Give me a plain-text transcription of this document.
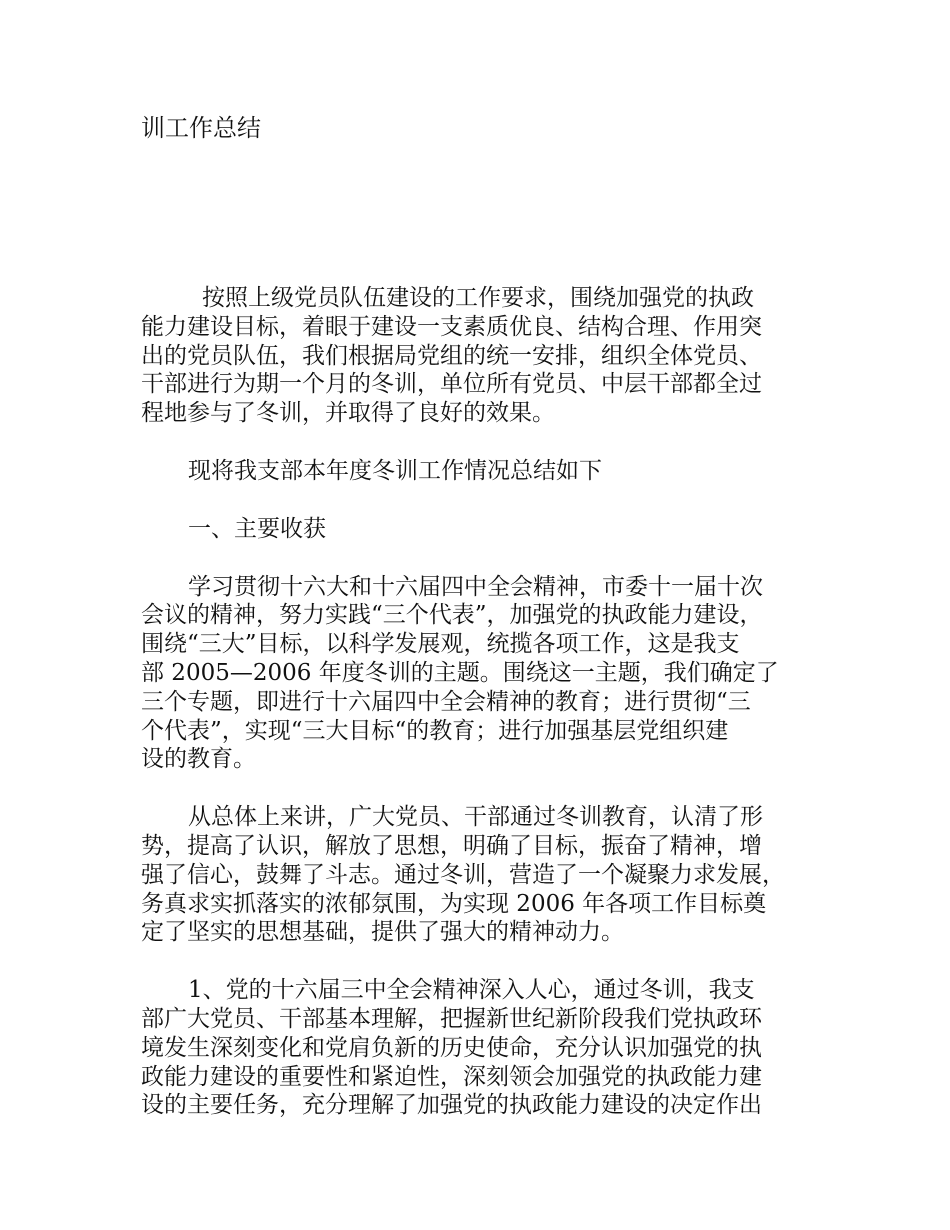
训工作总结

按照上级党员队伍建设的工作要求，围绕加强党的执政
能力建设目标，着眼于建设一支素质优良、结构合理、作用突
出的党员队伍，我们根据局党组的统一安排，组织全体党员、
干部进行为期一个月的冬训，单位所有党员、中层干部都全过
程地参与了冬训，并取得了良好的效果。

现将我支部本年度冬训工作情况总结如下

一、主要收获

学习贯彻十六大和十六届四中全会精神，市委十一届十次
会议的精神，努力实践“三个代表”，加强党的执政能力建设，
围绕“三大”目标，以科学发展观，统揽各项工作，这是我支
部 2005—2006 年度冬训的主题。围绕这一主题，我们确定了
三个专题，即进行十六届四中全会精神的教育；进行贯彻“三
个代表”，实现“三大目标“的教育；进行加强基层党组织建
设的教育。

从总体上来讲，广大党员、干部通过冬训教育，认清了形
势，提高了认识，解放了思想，明确了目标，振奋了精神，增
强了信心，鼓舞了斗志。通过冬训，营造了一个凝聚力求发展，
务真求实抓落实的浓郁氛围，为实现 2006 年各项工作目标奠
定了坚实的思想基础，提供了强大的精神动力。

1、党的十六届三中全会精神深入人心，通过冬训，我支
部广大党员、干部基本理解，把握新世纪新阶段我们党执政环
境发生深刻变化和党肩负新的历史使命，充分认识加强党的执
政能力建设的重要性和紧迫性，深刻领会加强党的执政能力建
设的主要任务，充分理解了加强党的执政能力建设的决定作出
